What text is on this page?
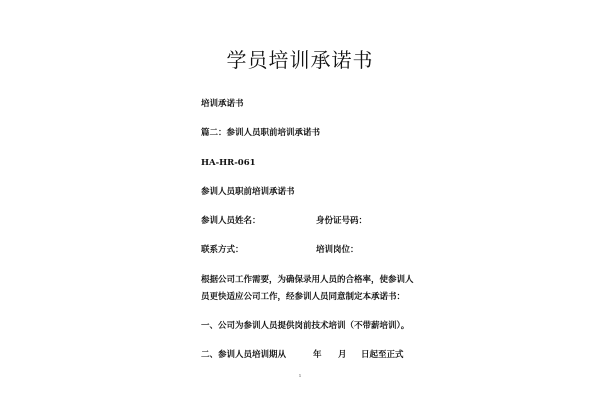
学员培训承诺书
培训承诺书
篇二：参训人员职前培训承诺书
HA-HR-061
参训人员职前培训承诺书
参训人员姓名：	身份证号码：
联系方式：	培训岗位：
根据公司工作需要，为确保录用人员的合格率，使参训人
员更快适应公司工作，经参训人员同意制定本承诺书：
一、公司为参训人员提供岗前技术培训（不带薪培训）。
二、参训人员培训期从	年 月 日起至正式
1
